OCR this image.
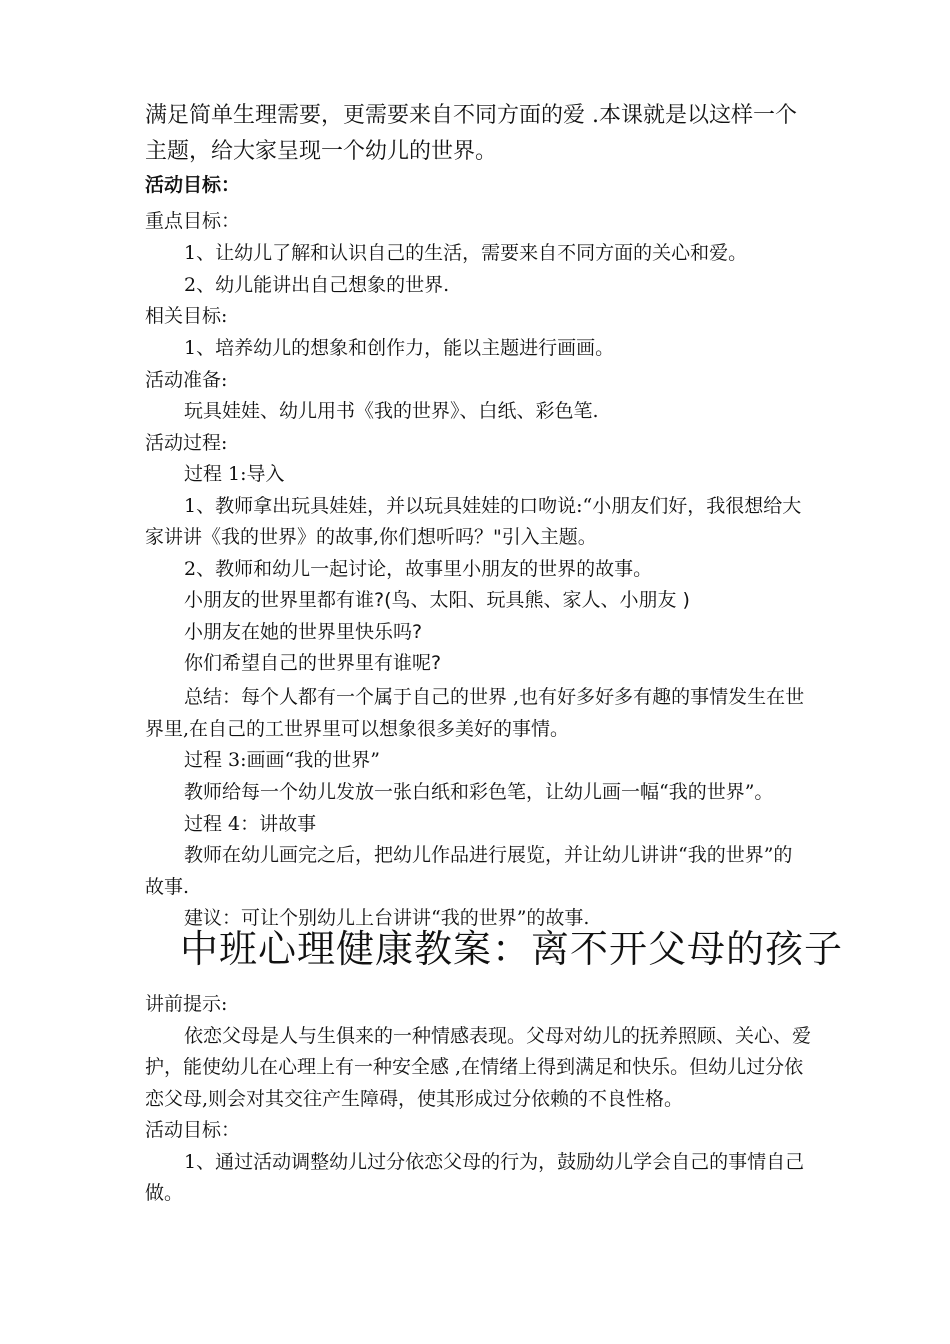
满足简单生理需要，更需要来自不同方面的爱 .本课就是以这样一个
主题，给大家呈现一个幼儿的世界。
活动目标：
重点目标：
1、让幼儿了解和认识自己的生活，需要来自不同方面的关心和爱。
2、幼儿能讲出自己想象的世界.
相关目标:
1、培养幼儿的想象和创作力，能以主题进行画画。
活动准备:
玩具娃娃、幼儿用书《我的世界》、白纸、彩色笔.
活动过程:
过程 1:导入
1、教师拿出玩具娃娃，并以玩具娃娃的口吻说:“小朋友们好，我很想给大
家讲讲《我的世界》的故事,你们想听吗？"引入主题。
2、教师和幼儿一起讨论，故事里小朋友的世界的故事。
小朋友的世界里都有谁?(鸟、太阳、玩具熊、家人、小朋友 )
小朋友在她的世界里快乐吗?
你们希望自己的世界里有谁呢?
总结：每个人都有一个属于自己的世界 ,也有好多好多有趣的事情发生在世
界里,在自己的工世界里可以想象很多美好的事情。
过程 3:画画“我的世界”
教师给每一个幼儿发放一张白纸和彩色笔，让幼儿画一幅“我的世界”。
过程 4：讲故事
教师在幼儿画完之后，把幼儿作品进行展览，并让幼儿讲讲“我的世界”的
故事.
建议：可让个别幼儿上台讲讲“我的世界”的故事.
中班心理健康教案：离不开父母的孩子
讲前提示:
依恋父母是人与生俱来的一种情感表现。父母对幼儿的抚养照顾、关心、爱
护，能使幼儿在心理上有一种安全感 ,在情绪上得到满足和快乐。但幼儿过分依
恋父母,则会对其交往产生障碍，使其形成过分依赖的不良性格。
活动目标：
1、通过活动调整幼儿过分依恋父母的行为，鼓励幼儿学会自己的事情自己
做。
